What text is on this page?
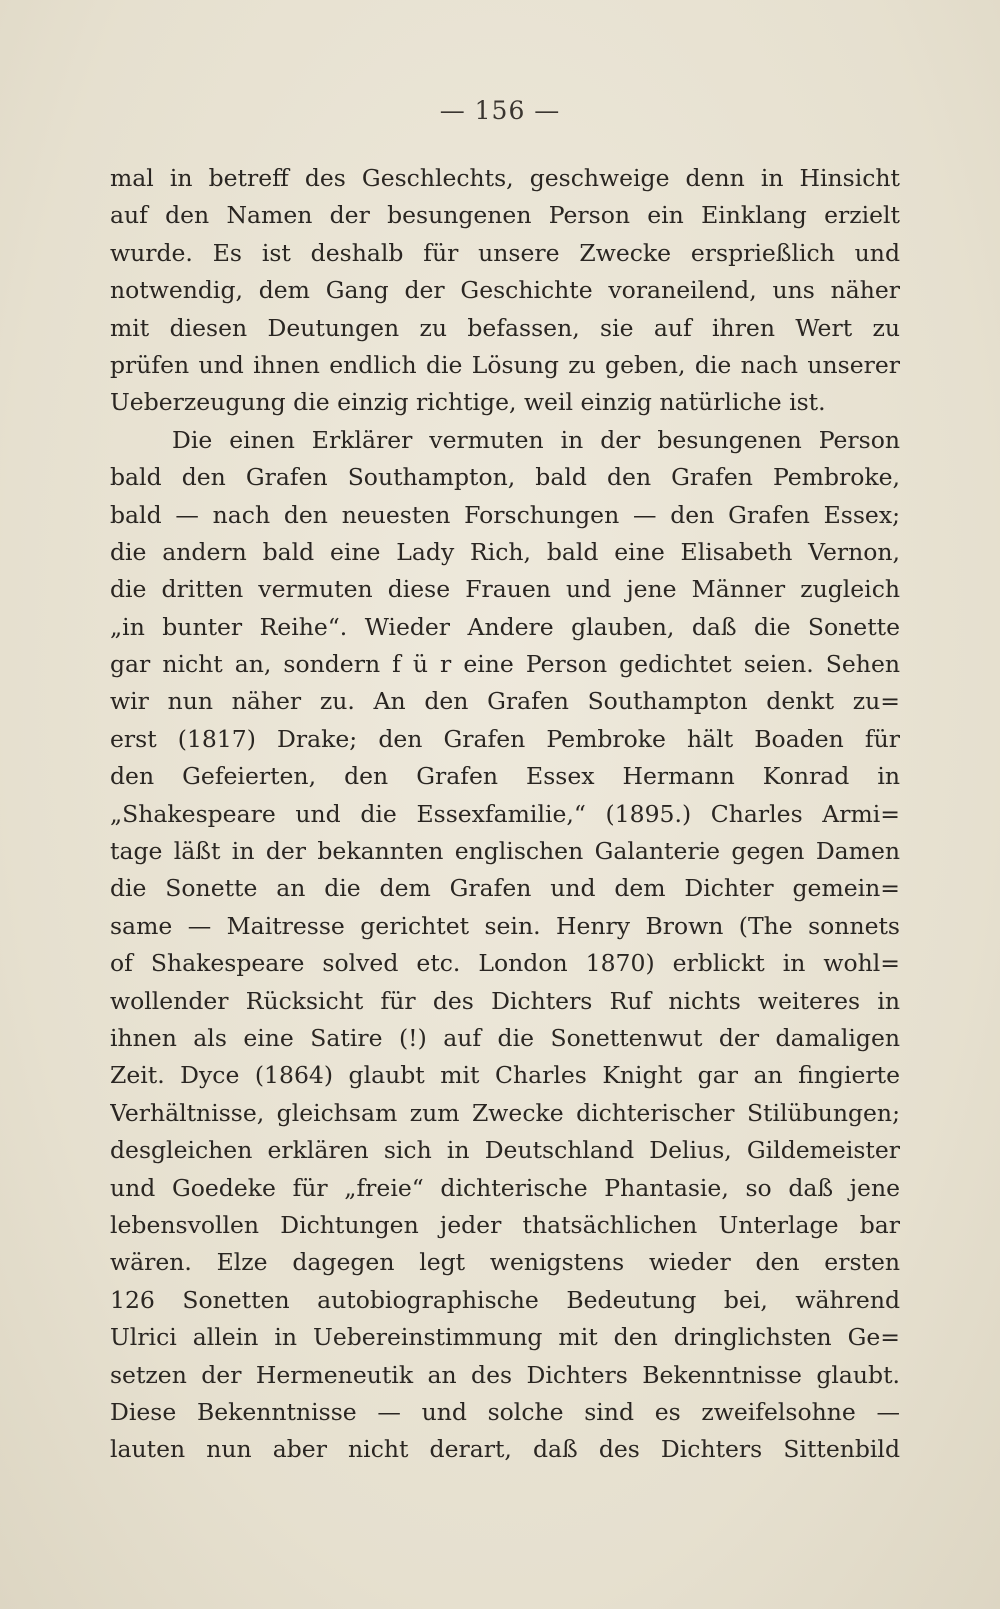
— 156 —
mal in betreff des Geschlechts, geschweige denn in Hinsicht
auf den Namen der besungenen Person ein Einklang erzielt
wurde. Es ist deshalb für unsere Zwecke ersprießlich und
notwendig, dem Gang der Geschichte voraneilend, uns näher
mit diesen Deutungen zu befassen, sie auf ihren Wert zu
prüfen und ihnen endlich die Lösung zu geben, die nach unserer
Ueberzeugung die einzig richtige, weil einzig natürliche ist.
Die einen Erklärer vermuten in der besungenen Person
bald den Grafen Southampton, bald den Grafen Pembroke,
bald — nach den neuesten Forschungen — den Grafen Essex;
die andern bald eine Lady Rich, bald eine Elisabeth Vernon,
die dritten vermuten diese Frauen und jene Männer zugleich
„in bunter Reihe“. Wieder Andere glauben, daß die Sonette
gar nicht an, sondern f ü r eine Person gedichtet seien. Sehen
wir nun näher zu. An den Grafen Southampton denkt zu=
erst (1817) Drake; den Grafen Pembroke hält Boaden für
den Gefeierten, den Grafen Essex Hermann Konrad in
„Shakespeare und die Essexfamilie,“ (1895.) Charles Armi=
tage läßt in der bekannten englischen Galanterie gegen Damen
die Sonette an die dem Grafen und dem Dichter gemein=
same — Maitresse gerichtet sein. Henry Brown (The sonnets
of Shakespeare solved etc. London 1870) erblickt in wohl=
wollender Rücksicht für des Dichters Ruf nichts weiteres in
ihnen als eine Satire (!) auf die Sonettenwut der damaligen
Zeit. Dyce (1864) glaubt mit Charles Knight gar an fingierte
Verhältnisse, gleichsam zum Zwecke dichterischer Stilübungen;
desgleichen erklären sich in Deutschland Delius, Gildemeister
und Goedeke für „freie“ dichterische Phantasie, so daß jene
lebensvollen Dichtungen jeder thatsächlichen Unterlage bar
wären. Elze dagegen legt wenigstens wieder den ersten
126 Sonetten autobiographische Bedeutung bei, während
Ulrici allein in Uebereinstimmung mit den dringlichsten Ge=
setzen der Hermeneutik an des Dichters Bekenntnisse glaubt.
Diese Bekenntnisse — und solche sind es zweifelsohne —
lauten nun aber nicht derart, daß des Dichters Sittenbild
